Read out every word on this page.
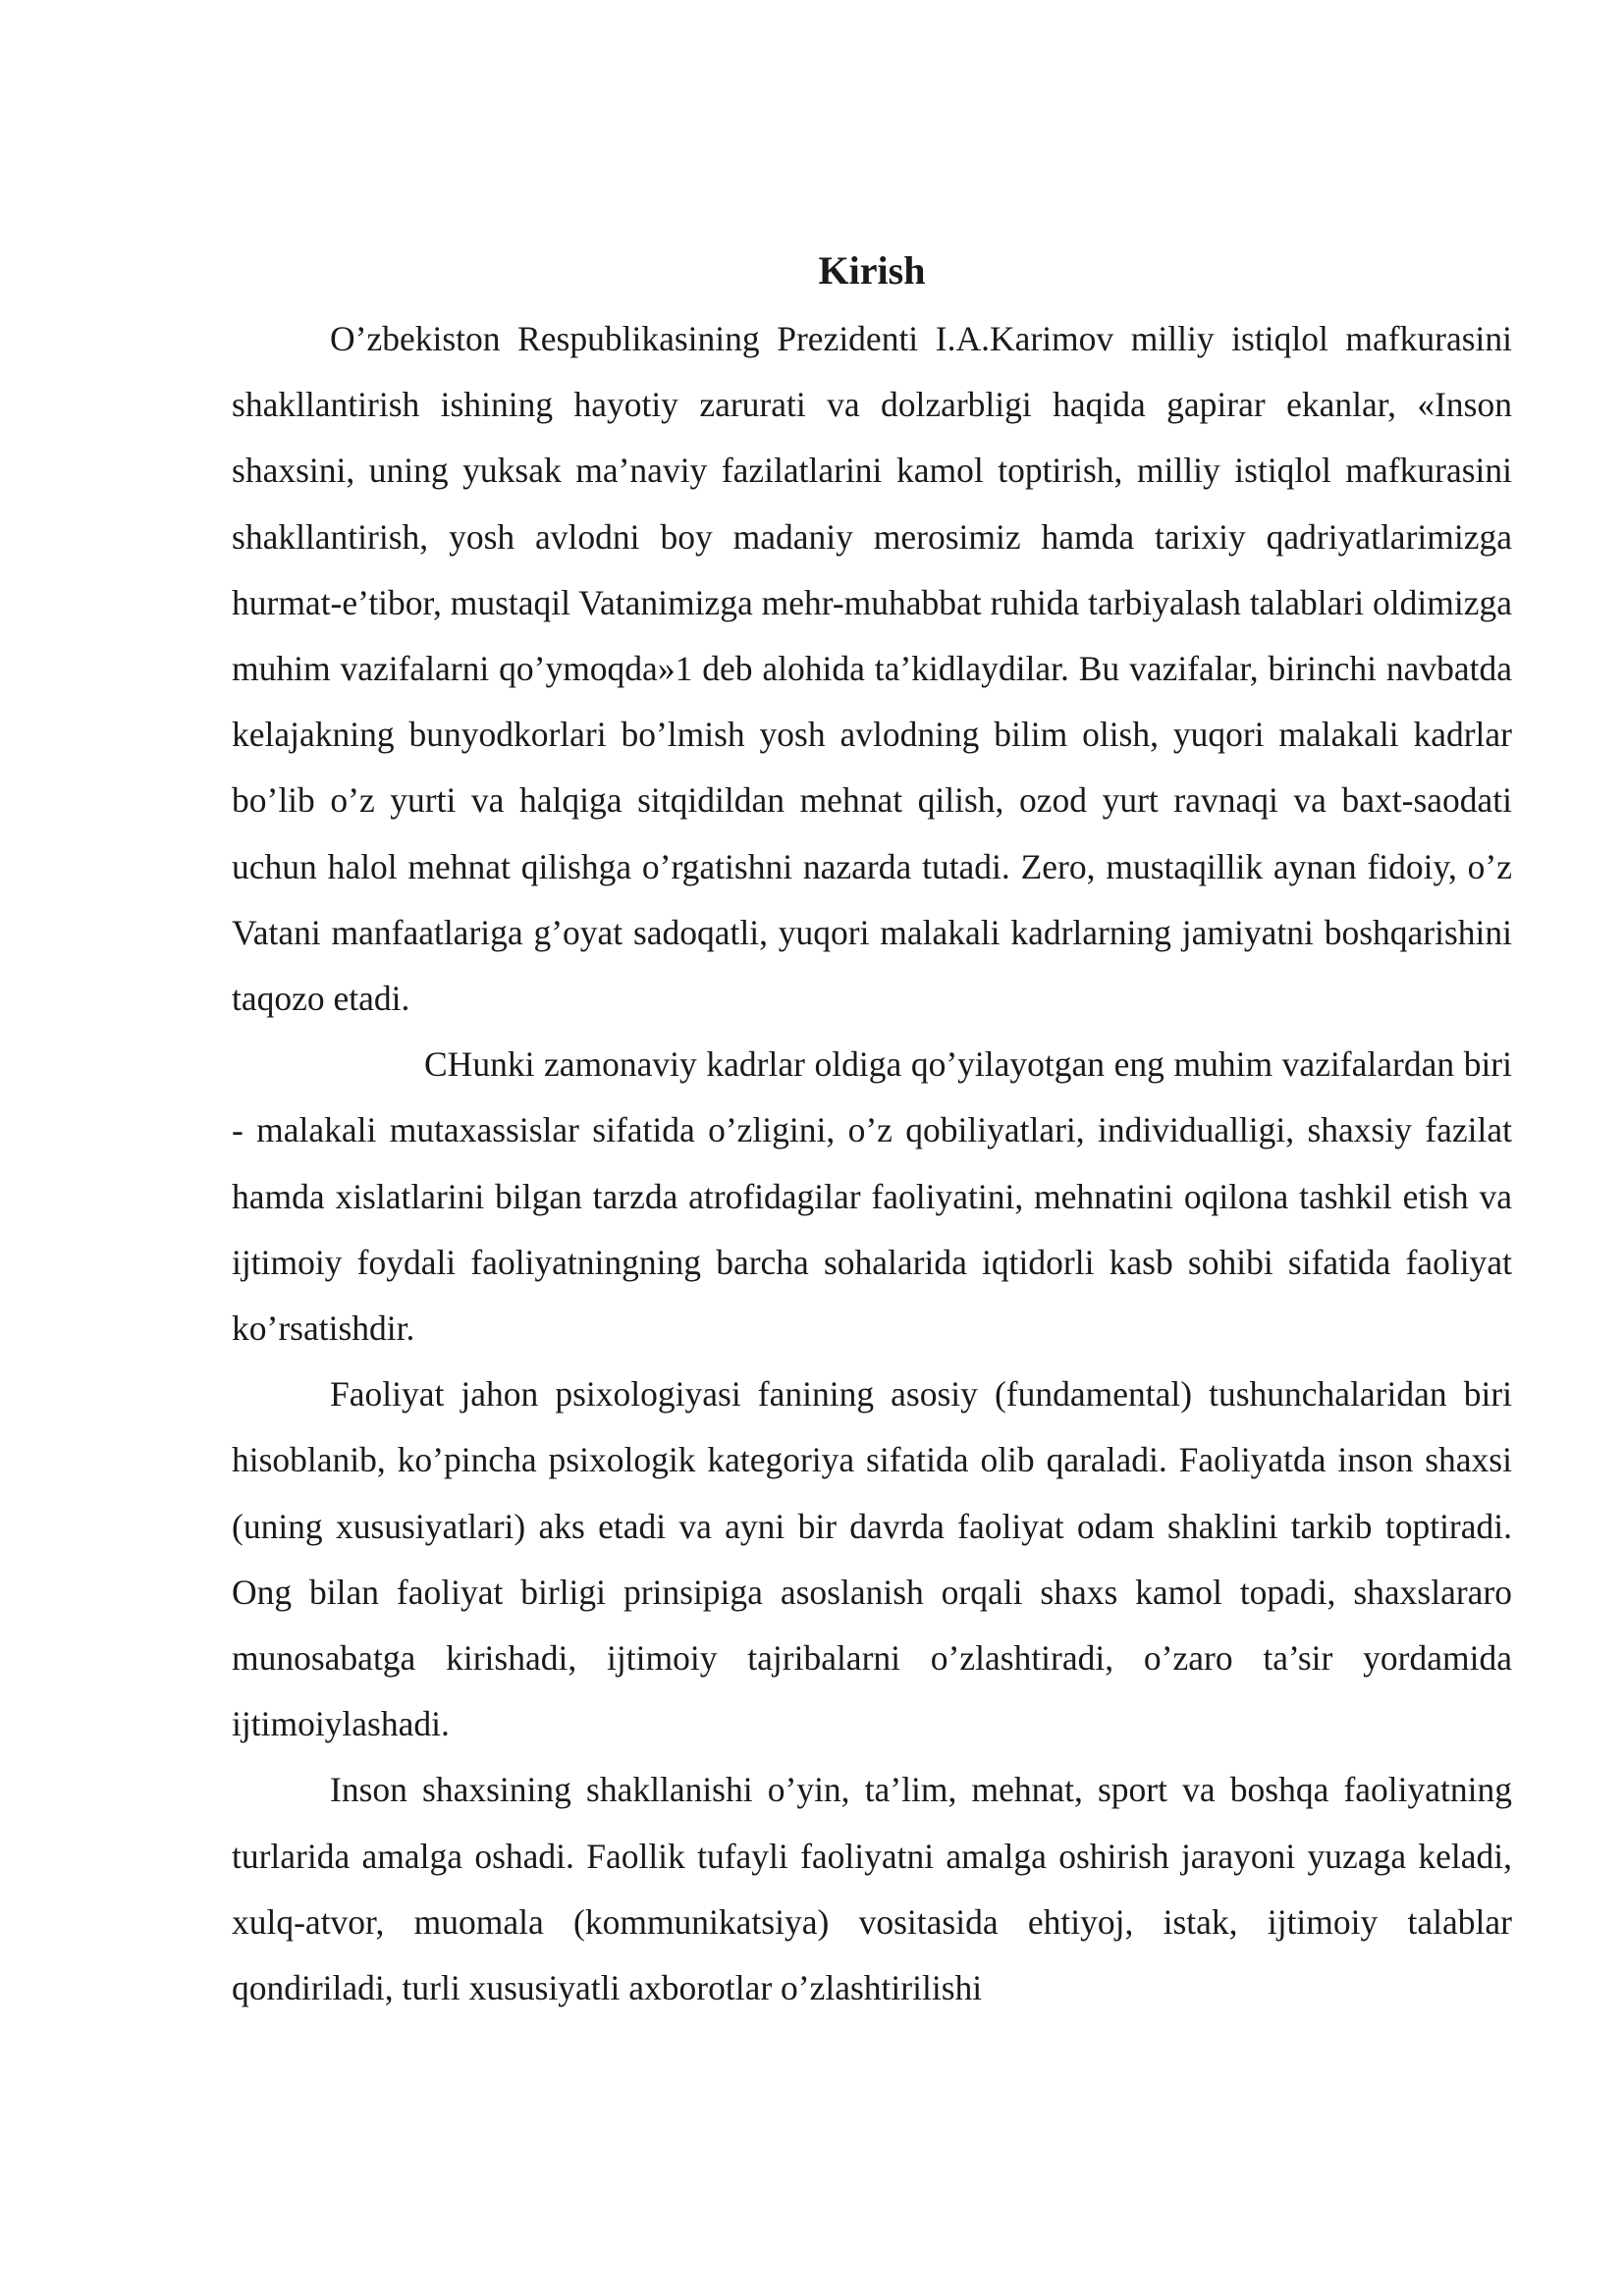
Kirish

O’zbekiston Respublikasining Prezidenti I.A.Karimov milliy istiqlol mafkurasini shakllantirish ishining hayotiy zarurati va dolzarbligi haqida gapirar ekanlar, «Inson shaxsini, uning yuksak ma’naviy fazilatlarini kamol toptirish, milliy istiqlol mafkurasini shakllantirish, yosh avlodni boy madaniy merosimiz hamda tarixiy qadriyatlarimizga hurmat-e’tibor, mustaqil Vatanimizga mehr-muhabbat ruhida tarbiyalash talablari oldimizga muhim vazifalarni qo’ymoqda»1 deb alohida ta’kidlaydilar. Bu vazifalar, birinchi navbatda kelajakning bunyodkorlari bo’lmish yosh avlodning bilim olish, yuqori malakali kadrlar bo’lib o’z yurti va halqiga sitqidildan mehnat qilish, ozod yurt ravnaqi va baxt-saodati uchun halol mehnat qilishga o’rgatishni nazarda tutadi. Zero, mustaqillik aynan fidoiy, o’z Vatani manfaatlariga g’oyat sadoqatli, yuqori malakali kadrlarning jamiyatni boshqarishini taqozo etadi.

CHunki zamonaviy kadrlar oldiga qo’yilayotgan eng muhim vazifalardan biri - malakali mutaxassislar sifatida o’zligini, o’z qobiliyatlari, individualligi, shaxsiy fazilat hamda xislatlarini bilgan tarzda atrofidagilar faoliyatini, mehnatini oqilona tashkil etish va ijtimoiy foydali faoliyatningning barcha sohalarida iqtidorli kasb sohibi sifatida faoliyat ko’rsatishdir.

Faoliyat jahon psixologiyasi fanining asosiy (fundamental) tushunchalaridan biri hisoblanib, ko’pincha psixologik kategoriya sifatida olib qaraladi. Faoliyatda inson shaxsi (uning xususiyatlari) aks etadi va ayni bir davrda faoliyat odam shaklini tarkib toptiradi. Ong bilan faoliyat birligi prinsipiga asoslanish orqali shaxs kamol topadi, shaxslararo munosabatga kirishadi, ijtimoiy tajribalarni o’zlashtiradi, o’zaro ta’sir yordamida ijtimoiylashadi.

Inson shaxsining shakllanishi o’yin, ta’lim, mehnat, sport va boshqa faoliyatning turlarida amalga oshadi. Faollik tufayli faoliyatni amalga oshirish jarayoni yuzaga keladi, xulq-atvor, muomala (kommunikatsiya) vositasida ehtiyoj, istak, ijtimoiy talablar qondiriladi, turli xususiyatli axborotlar o’zlashtirilishi
